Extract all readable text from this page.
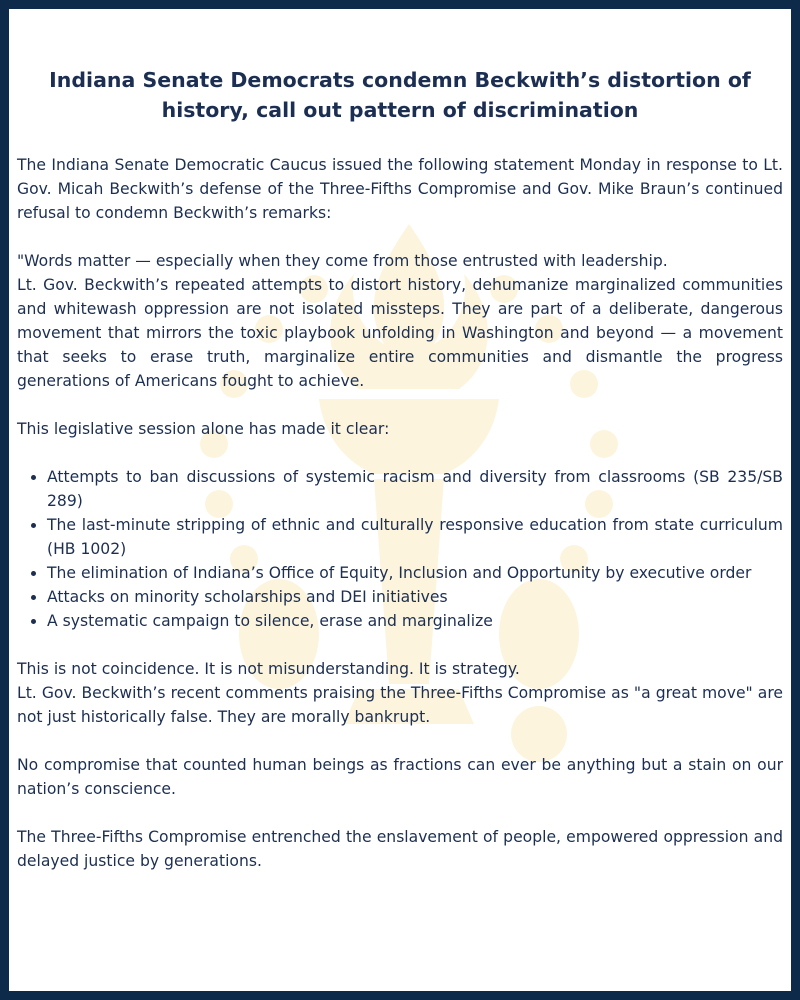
Indiana Senate Democrats condemn Beckwith’s distortion of history, call out pattern of discrimination

The Indiana Senate Democratic Caucus issued the following statement Monday in response to Lt. Gov. Micah Beckwith’s defense of the Three-Fifths Compromise and Gov. Mike Braun’s continued refusal to condemn Beckwith’s remarks:

"Words matter — especially when they come from those entrusted with leadership.

Lt. Gov. Beckwith’s repeated attempts to distort history, dehumanize marginalized communities and whitewash oppression are not isolated missteps. They are part of a deliberate, dangerous movement that mirrors the toxic playbook unfolding in Washington and beyond — a movement that seeks to erase truth, marginalize entire communities and dismantle the progress generations of Americans fought to achieve.

This legislative session alone has made it clear:

• Attempts to ban discussions of systemic racism and diversity from classrooms (SB 235/SB 289)
• The last-minute stripping of ethnic and culturally responsive education from state curriculum (HB 1002)
• The elimination of Indiana’s Office of Equity, Inclusion and Opportunity by executive order
• Attacks on minority scholarships and DEI initiatives
• A systematic campaign to silence, erase and marginalize

This is not coincidence. It is not misunderstanding. It is strategy.

Lt. Gov. Beckwith’s recent comments praising the Three-Fifths Compromise as "a great move" are not just historically false. They are morally bankrupt.

No compromise that counted human beings as fractions can ever be anything but a stain on our nation’s conscience.

The Three-Fifths Compromise entrenched the enslavement of people, empowered oppression and delayed justice by generations.
